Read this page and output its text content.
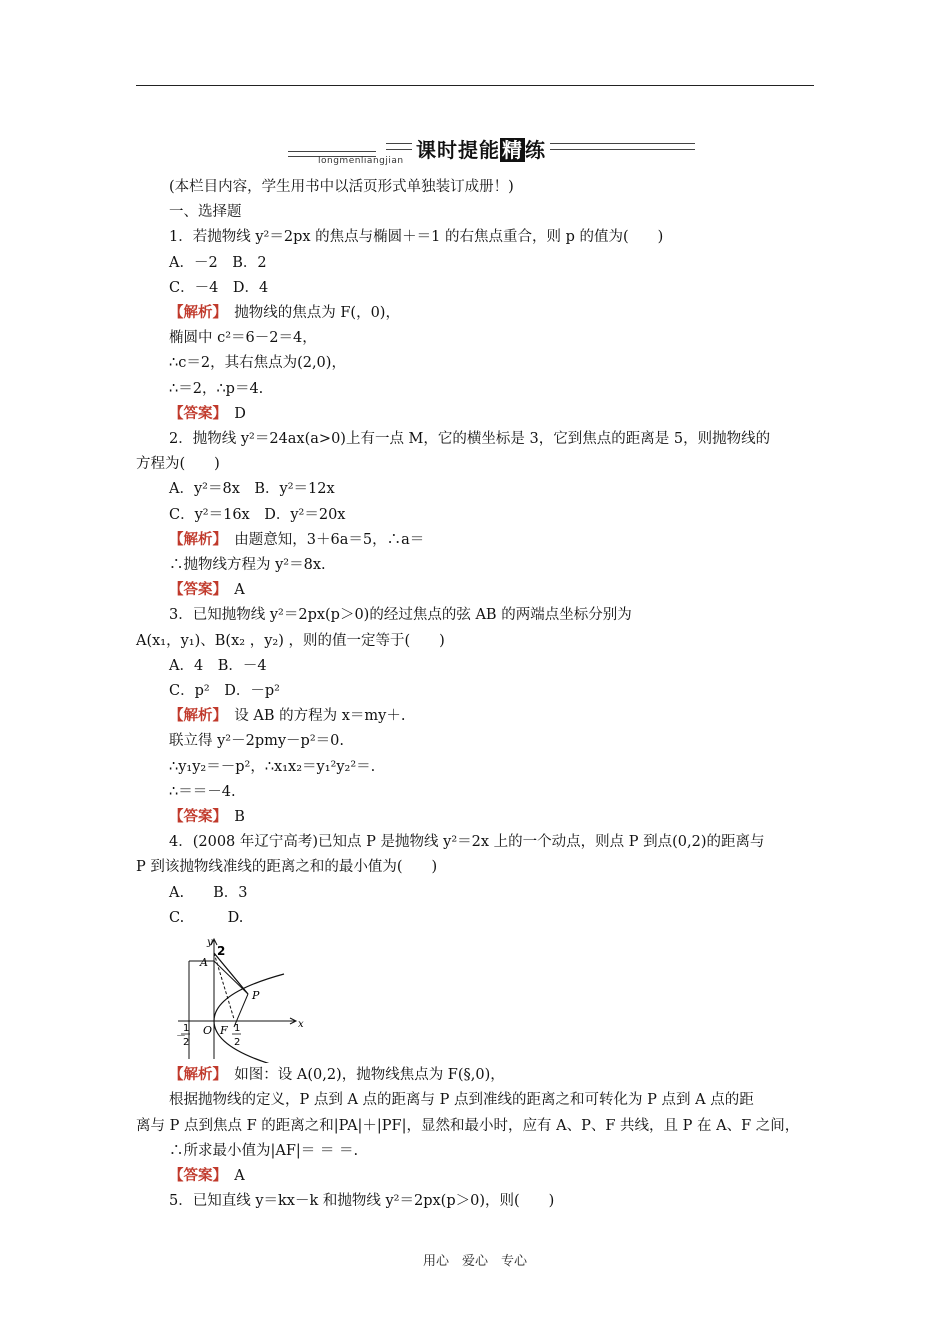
课时提能 精 练
longmenliangjian
(本栏目内容，学生用书中以活页形式单独装订成册！)
一、选择题
1．若抛物线 y²＝2px 的焦点与椭圆＋＝1 的右焦点重合，则 p 的值为(　　)
A．－2　B．2
C．－4　D．4
【解析】　抛物线的焦点为 F(，0)，
椭圆中 c²＝6－2＝4，
∴c＝2，其右焦点为(2,0)，
∴＝2，∴p＝4.
【答案】　D
2．抛物线 y²＝24ax(a>0)上有一点 M，它的横坐标是 3，它到焦点的距离是 5，则抛物线的
方程为(　　)
A．y²＝8x　B．y²＝12x
C．y²＝16x　D．y²＝20x
【解析】　由题意知，3＋6a＝5，∴a＝
∴抛物线方程为 y²＝8x.
【答案】　A
3．已知抛物线 y²＝2px(p＞0)的经过焦点的弦 AB 的两端点坐标分别为
A(x₁，y₁)、B(x₂ ，y₂) ，则的值一定等于(　　)
A．4　B．－4
C．p²　D．－p²
【解析】　设 AB 的方程为 x＝my＋.
联立得 y²－2pmy－p²＝0.
∴y₁y₂＝－p²，∴x₁x₂＝y₁²y₂²＝.
∴＝＝－4.
【答案】　B
4．(2008 年辽宁高考)已知点 P 是抛物线 y²＝2x 上的一个动点，则点 P 到点(0,2)的距离与
P 到该抛物线准线的距离之和的最小值为(　　)
A.　　B．3
C.　　　D.
y
2
A
P
x
O F 1
2
－
1
2
【解析】　如图：设 A(0,2)，抛物线焦点为 F(§,0)，
根据抛物线的定义，P 点到 A 点的距离与 P 点到准线的距离之和可转化为 P 点到 A 点的距
离与 P 点到焦点 F 的距离之和|PA|＋|PF|，显然和最小时，应有 A、P、F 共线，且 P 在 A、F 之间，
∴所求最小值为|AF|＝ ＝ ＝.
【答案】　A
5．已知直线 y＝kx－k 和抛物线 y²＝2px(p＞0)，则(　　)
用心　爱心　专心
